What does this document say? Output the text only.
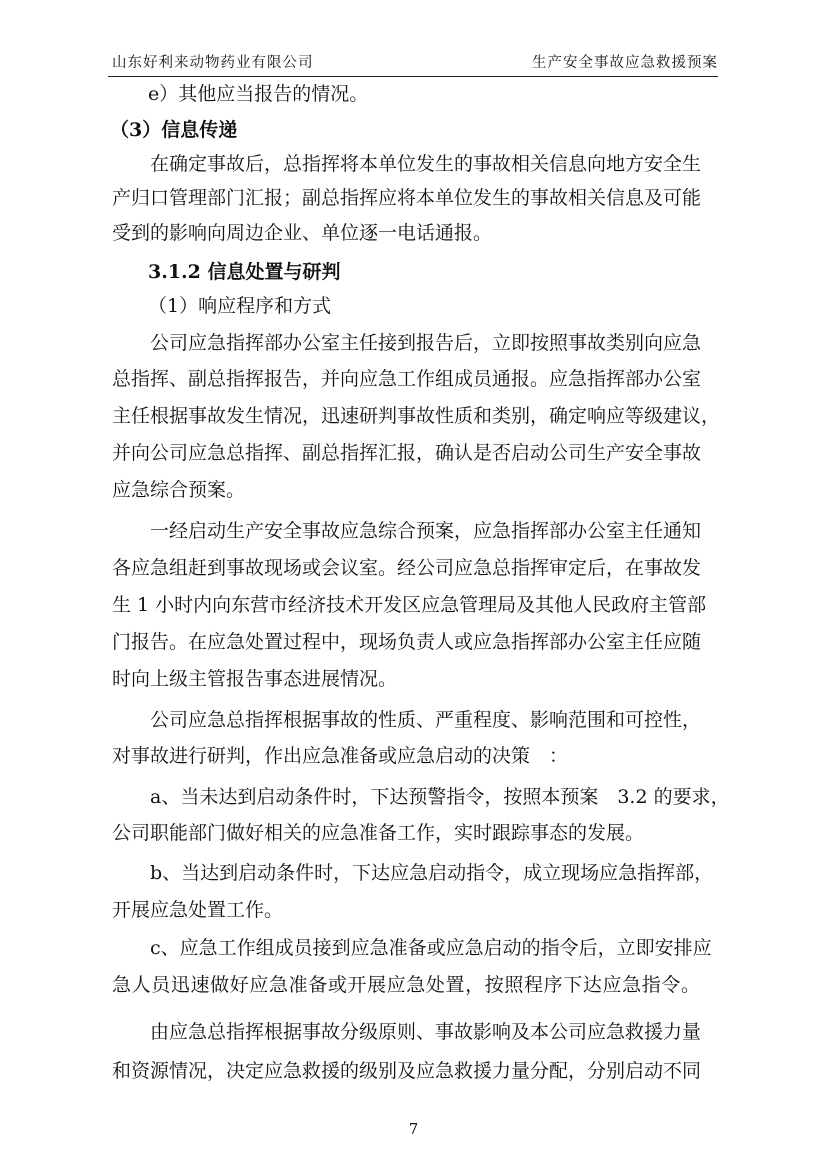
山东好利来动物药业有限公司	生产安全事故应急救援预案
e）其他应当报告的情况。
（3）信息传递
在确定事故后，总指挥将本单位发生的事故相关信息向地方安全生
产归口管理部门汇报；副总指挥应将本单位发生的事故相关信息及可能
受到的影响向周边企业、单位逐一电话通报。
3.1.2 信息处置与研判
（1）响应程序和方式
公司应急指挥部办公室主任接到报告后，立即按照事故类别向应急
总指挥、副总指挥报告，并向应急工作组成员通报。应急指挥部办公室
主任根据事故发生情况，迅速研判事故性质和类别，确定响应等级建议，
并向公司应急总指挥、副总指挥汇报，确认是否启动公司生产安全事故
应急综合预案。
一经启动生产安全事故应急综合预案，应急指挥部办公室主任通知
各应急组赶到事故现场或会议室。经公司应急总指挥审定后，在事故发
生 1 小时内向东营市经济技术开发区应急管理局及其他人民政府主管部
门报告。在应急处置过程中，现场负责人或应急指挥部办公室主任应随
时向上级主管报告事态进展情况。
公司应急总指挥根据事故的性质、严重程度、影响范围和可控性，
对事故进行研判，作出应急准备或应急启动的决策　：
a、当未达到启动条件时，下达预警指令，按照本预案　3.2 的要求，
公司职能部门做好相关的应急准备工作，实时跟踪事态的发展。
b、当达到启动条件时，下达应急启动指令，成立现场应急指挥部，
开展应急处置工作。
c、应急工作组成员接到应急准备或应急启动的指令后，立即安排应
急人员迅速做好应急准备或开展应急处置，按照程序下达应急指令。
由应急总指挥根据事故分级原则、事故影响及本公司应急救援力量
和资源情况，决定应急救援的级别及应急救援力量分配，分别启动不同
7
